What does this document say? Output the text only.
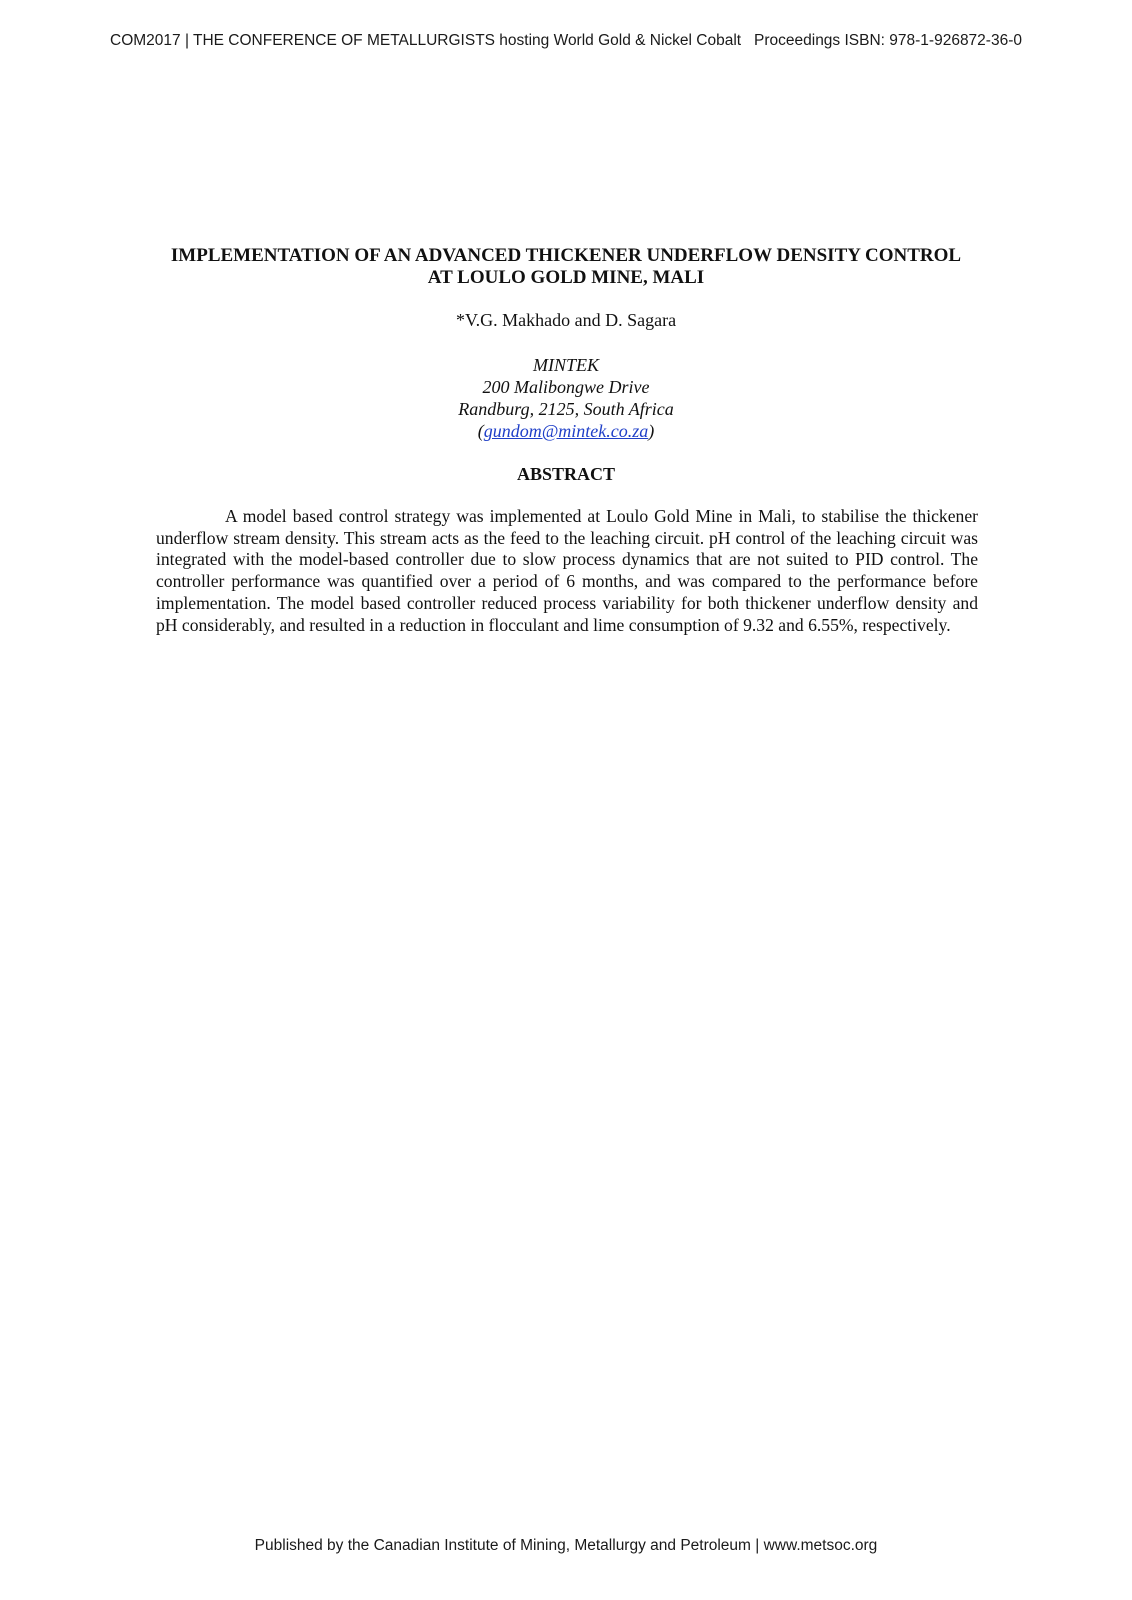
COM2017 | THE CONFERENCE OF METALLURGISTS hosting World Gold & Nickel Cobalt   Proceedings ISBN: 978-1-926872-36-0
IMPLEMENTATION OF AN ADVANCED THICKENER UNDERFLOW DENSITY CONTROL
AT LOULO GOLD MINE, MALI
*V.G. Makhado and D. Sagara
MINTEK
200 Malibongwe Drive
Randburg, 2125, South Africa
(gundom@mintek.co.za)
ABSTRACT

A model based control strategy was implemented at Loulo Gold Mine in Mali, to stabilise the thickener underflow stream density. This stream acts as the feed to the leaching circuit. pH control of the leaching circuit was integrated with the model-based controller due to slow process dynamics that are not suited to PID control. The controller performance was quantified over a period of 6 months, and was compared to the performance before implementation. The model based controller reduced process variability for both thickener underflow density and pH considerably, and resulted in a reduction in flocculant and lime consumption of 9.32 and 6.55%, respectively.

Published by the Canadian Institute of Mining, Metallurgy and Petroleum | www.metsoc.org
